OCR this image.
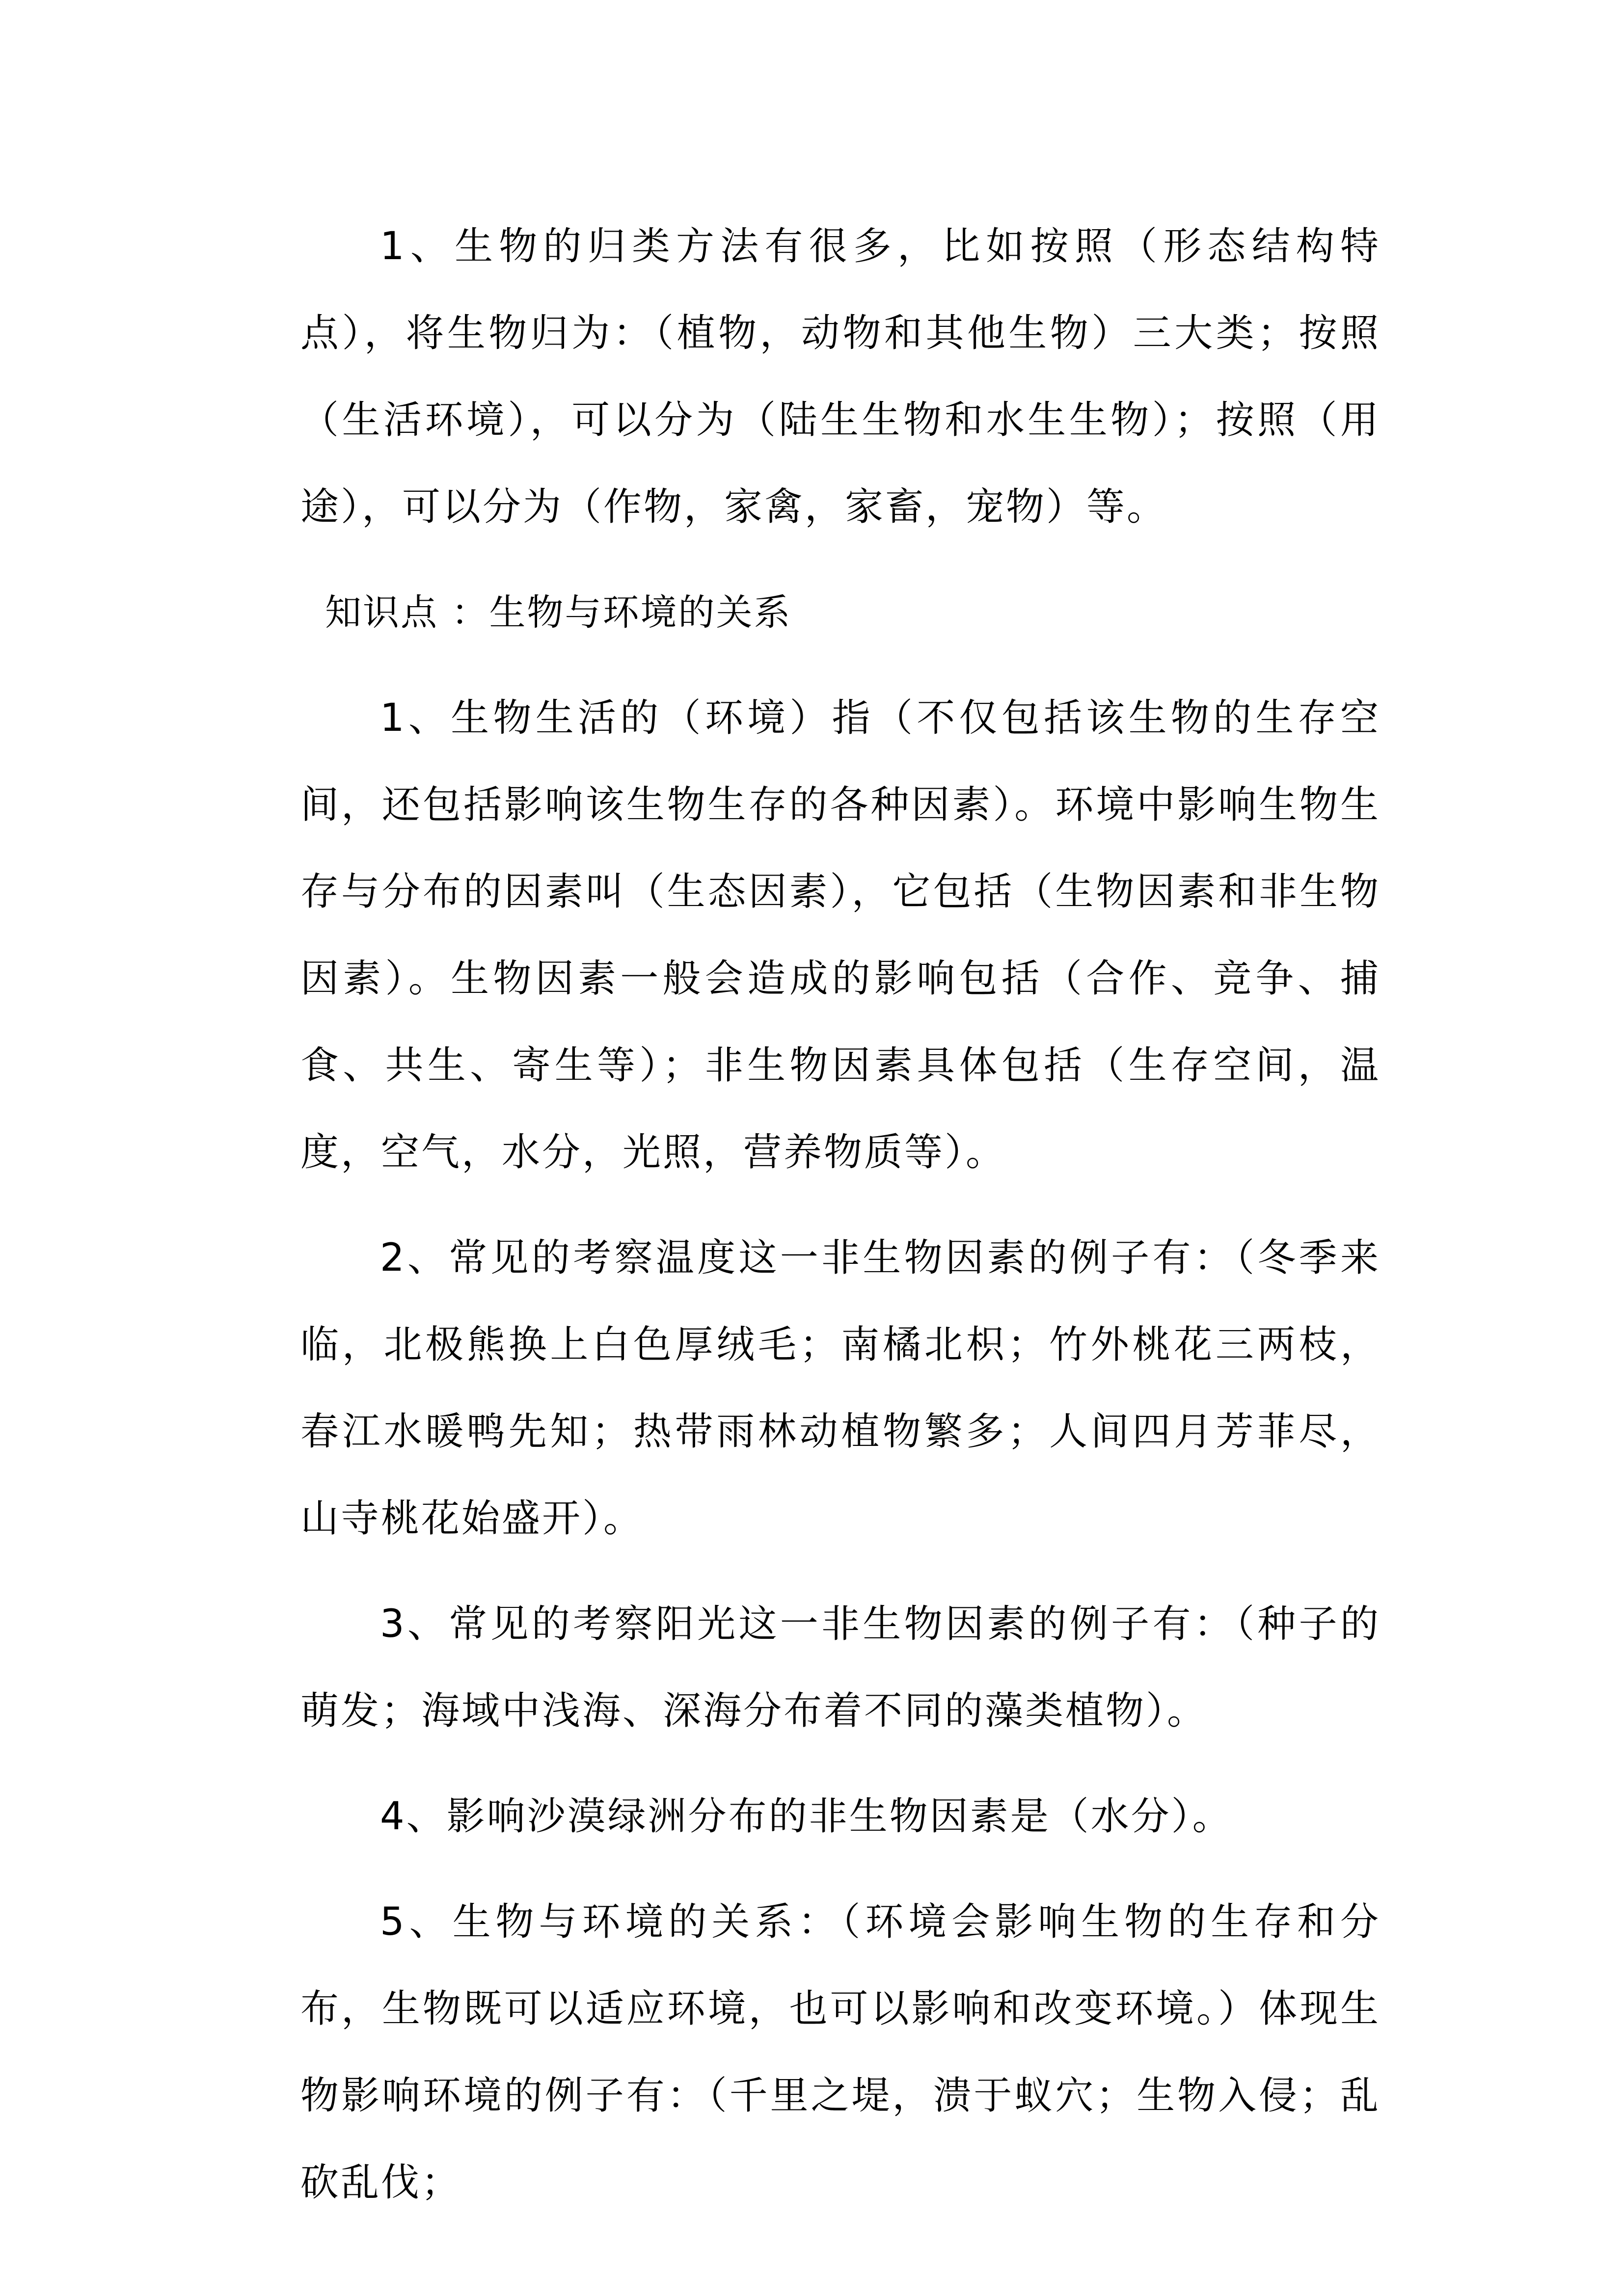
1、生物的归类方法有很多，比如按照（形态结构特点），将生物归为：（植物，动物和其他生物）三大类；按照（生活环境），可以分为（陆生生物和水生生物）；按照（用途），可以分为（作物，家禽，家畜，宠物）等。

知识点 ：生物与环境的关系

1、生物生活的（环境）指（不仅包括该生物的生存空间，还包括影响该生物生存的各种因素）。环境中影响生物生存与分布的因素叫（生态因素），它包括（生物因素和非生物因素）。生物因素一般会造成的影响包括（合作、竞争、捕食、共生、寄生等）；非生物因素具体包括（生存空间，温度，空气，水分，光照，营养物质等）。

2、常见的考察温度这一非生物因素的例子有：（冬季来临，北极熊换上白色厚绒毛；南橘北枳；竹外桃花三两枝，春江水暖鸭先知；热带雨林动植物繁多；人间四月芳菲尽，山寺桃花始盛开）。

3、常见的考察阳光这一非生物因素的例子有：（种子的萌发；海域中浅海、深海分布着不同的藻类植物）。

4、影响沙漠绿洲分布的非生物因素是（水分）。

5、生物与环境的关系：（环境会影响生物的生存和分布，生物既可以适应环境，也可以影响和改变环境。）体现生物影响环境的例子有：（千里之堤，溃于蚁穴；生物入侵；乱砍乱伐；
